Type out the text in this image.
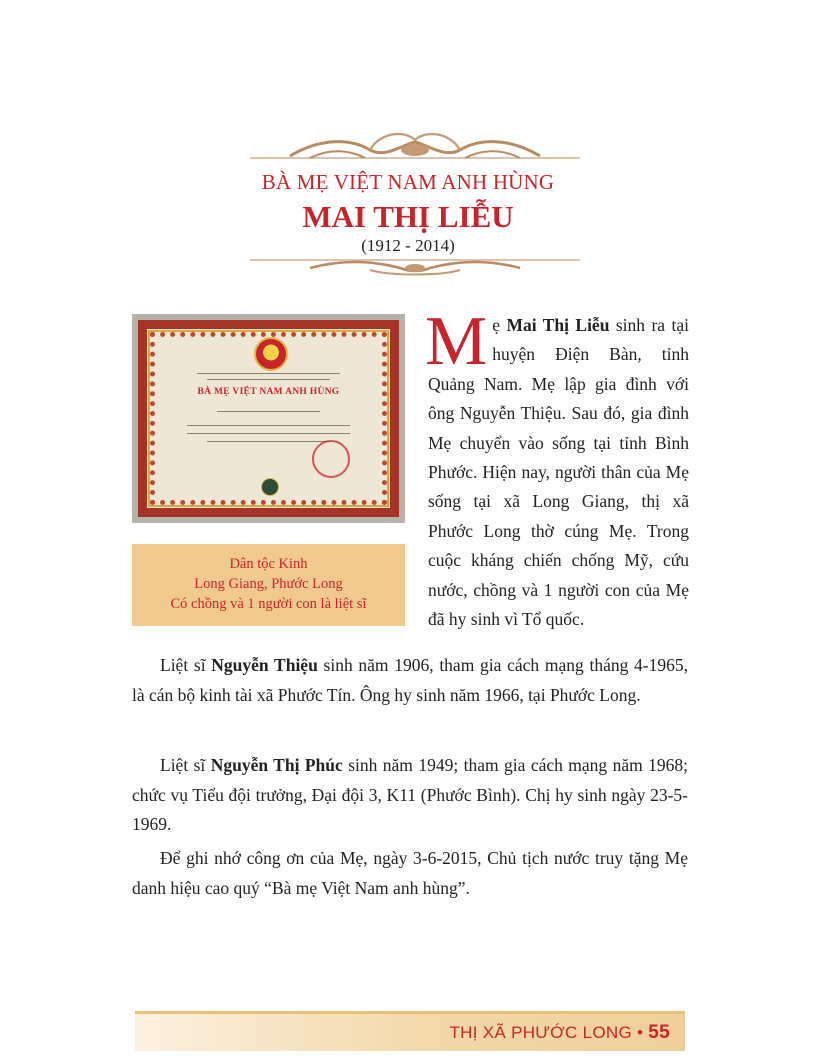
BÀ MẸ VIỆT NAM ANH HÙNG
MAI THỊ LIỄU
(1912 - 2014)
BÀ MẸ VIỆT NAM ANH HÙNG
Dân tộc Kinh
Long Giang, Phước Long
Có chồng và 1 người con là liệt sĩ
Mẹ Mai Thị Liễu sinh ra tại huyện Điện Bàn, tỉnh Quảng Nam. Mẹ lập gia đình với ông Nguyễn Thiệu. Sau đó, gia đình Mẹ chuyển vào sống tại tỉnh Bình Phước. Hiện nay, người thân của Mẹ sống tại xã Long Giang, thị xã Phước Long thờ cúng Mẹ. Trong cuộc kháng chiến chống Mỹ, cứu nước, chồng và 1 người con của Mẹ đã hy sinh vì Tổ quốc.

Liệt sĩ Nguyễn Thiệu sinh năm 1906, tham gia cách mạng tháng 4-1965, là cán bộ kinh tài xã Phước Tín. Ông hy sinh năm 1966, tại Phước Long.

Liệt sĩ Nguyễn Thị Phúc sinh năm 1949; tham gia cách mạng năm 1968; chức vụ Tiểu đội trưởng, Đại đội 3, K11 (Phước Bình). Chị hy sinh ngày 23-5-1969.

Để ghi nhớ công ơn của Mẹ, ngày 3-6-2015, Chủ tịch nước truy tặng Mẹ danh hiệu cao quý “Bà mẹ Việt Nam anh hùng”.

THỊ XÃ PHƯỚC LONG • 55
